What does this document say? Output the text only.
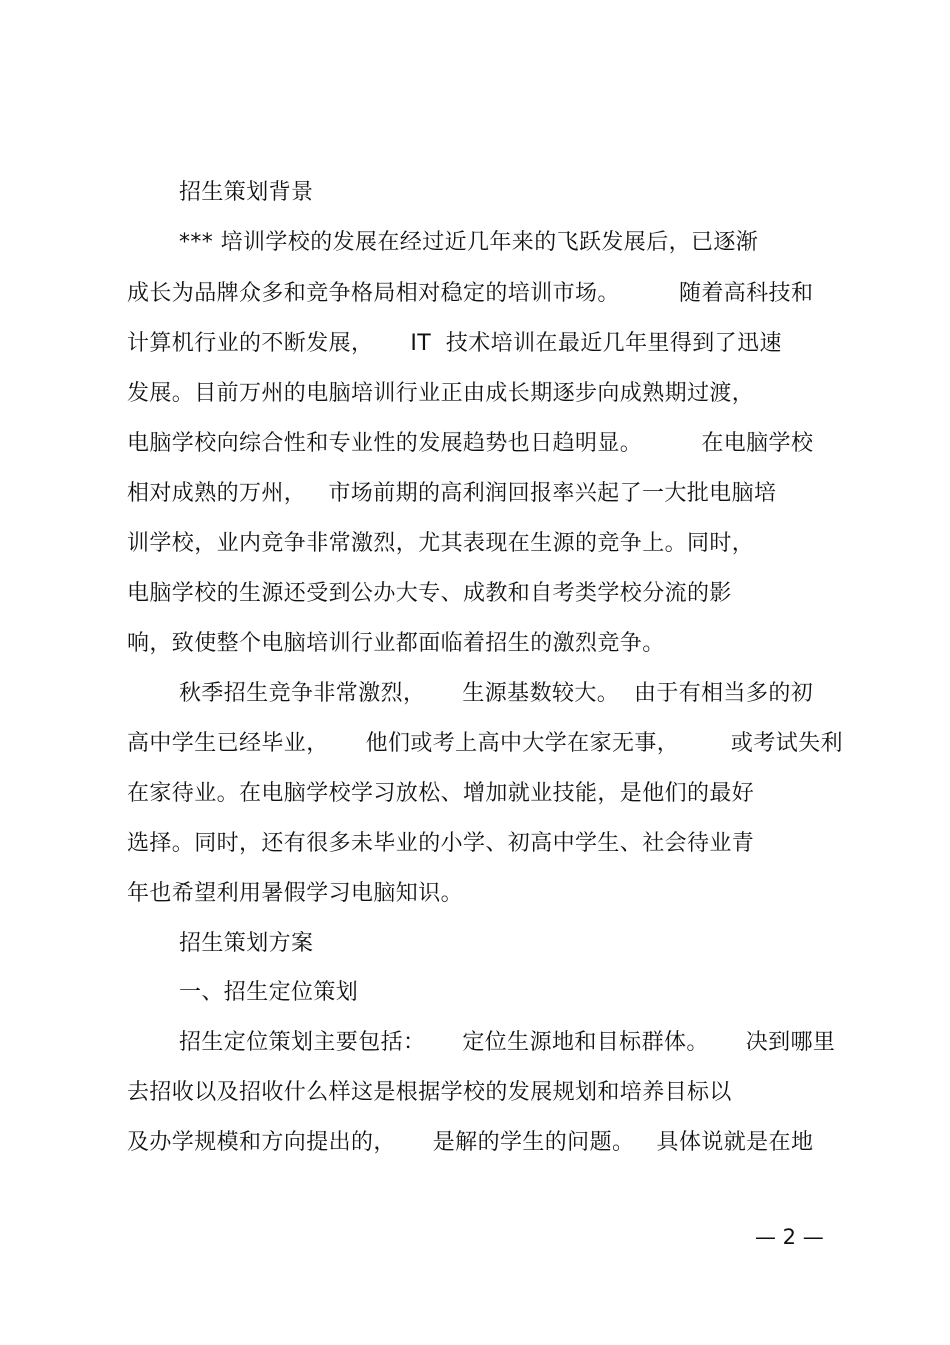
招生策划背景
*** 培训学校的发展在经过近几年来的飞跃发展后，已逐渐
成长为品牌众多和竞争格局相对稳定的培训市场。        随着高科技和
计算机行业的不断发展，     IT  技术培训在最近几年里得到了迅速
发展。目前万州的电脑培训行业正由成长期逐步向成熟期过渡，
电脑学校向综合性和专业性的发展趋势也日趋明显。        在电脑学校
相对成熟的万州，   市场前期的高利润回报率兴起了一大批电脑培
训学校，业内竞争非常激烈，尤其表现在生源的竞争上。同时，
电脑学校的生源还受到公办大专、成教和自考类学校分流的影
响，致使整个电脑培训行业都面临着招生的激烈竞争。
秋季招生竞争非常激烈，     生源基数较大。  由于有相当多的初
高中学生已经毕业，     他们或考上高中大学在家无事，       或考试失利
在家待业。在电脑学校学习放松、增加就业技能，是他们的最好
选择。同时，还有很多未毕业的小学、初高中学生、社会待业青
年也希望利用暑假学习电脑知识。
招生策划方案
一、招生定位策划
招生定位策划主要包括：     定位生源地和目标群体。     决到哪里
去招收以及招收什么样这是根据学校的发展规划和培养目标以
及办学规模和方向提出的，     是解的学生的问题。   具体说就是在地
— 2 —
